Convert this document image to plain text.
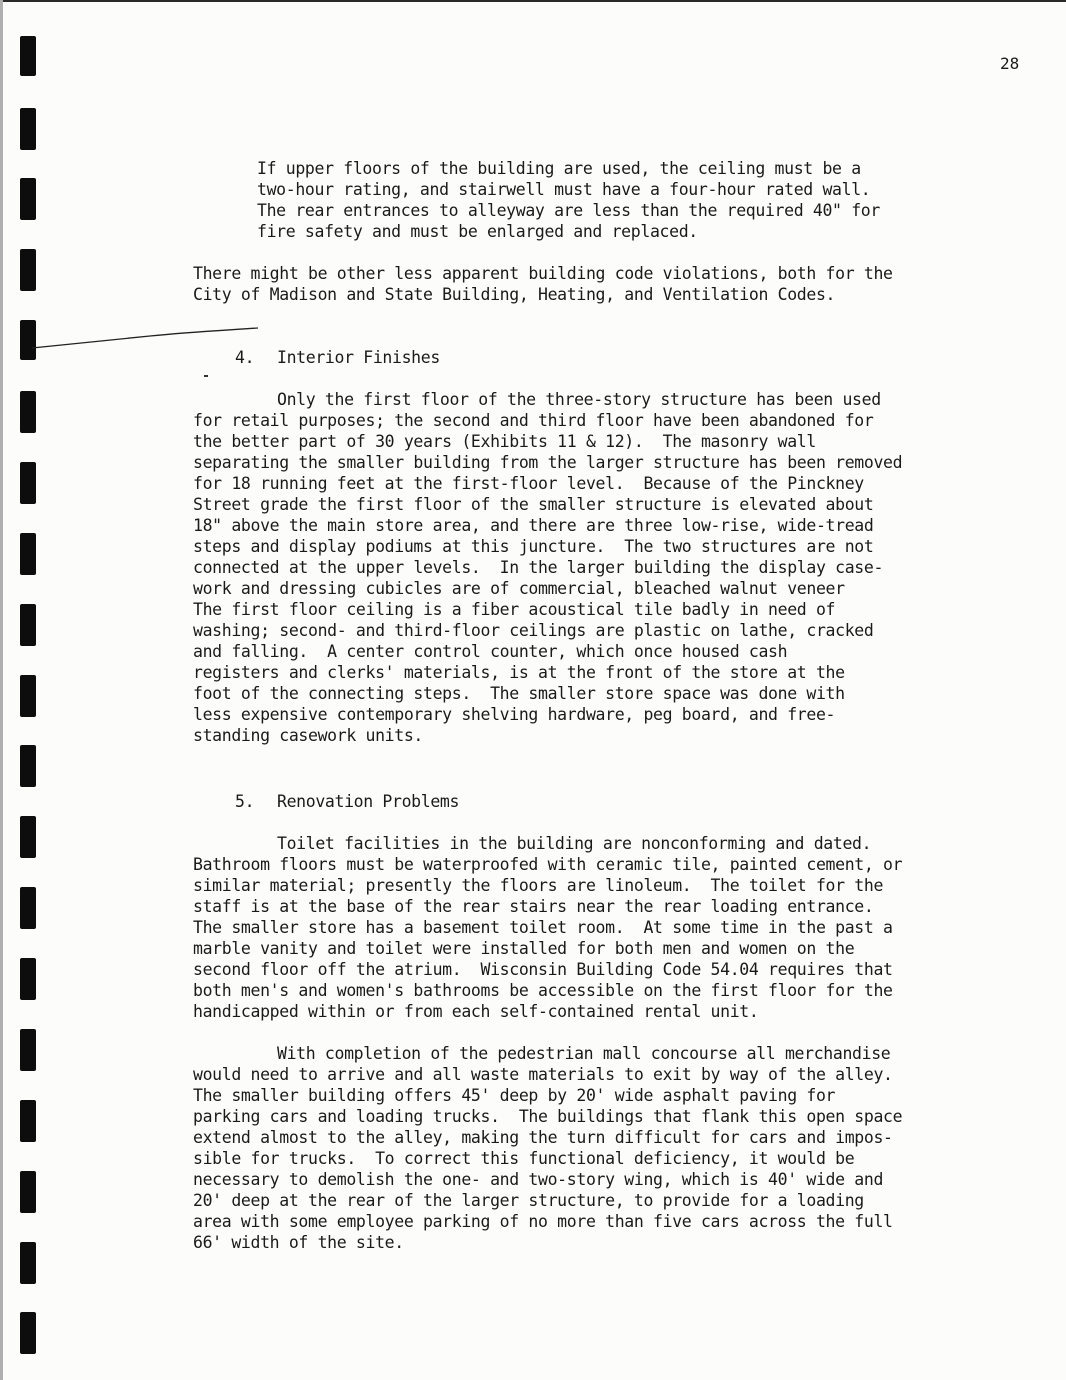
28
If upper floors of the building are used, the ceiling must be a
two-hour rating, and stairwell must have a four-hour rated wall.
The rear entrances to alleyway are less than the required 40" for
fire safety and must be enlarged and replaced.
There might be other less apparent building code violations, both for the
City of Madison and State Building, Heating, and Ventilation Codes.
4. Interior Finishes
Only the first floor of the three-story structure has been used
for retail purposes; the second and third floor have been abandoned for
the better part of 30 years (Exhibits 11 & 12).  The masonry wall
separating the smaller building from the larger structure has been removed
for 18 running feet at the first-floor level.  Because of the Pinckney
Street grade the first floor of the smaller structure is elevated about
18" above the main store area, and there are three low-rise, wide-tread
steps and display podiums at this juncture.  The two structures are not
connected at the upper levels.  In the larger building the display case-
work and dressing cubicles are of commercial, bleached walnut veneer
The first floor ceiling is a fiber acoustical tile badly in need of
washing; second- and third-floor ceilings are plastic on lathe, cracked
and falling.  A center control counter, which once housed cash
registers and clerks' materials, is at the front of the store at the
foot of the connecting steps.  The smaller store space was done with
less expensive contemporary shelving hardware, peg board, and free-
standing casework units.
5. Renovation Problems
Toilet facilities in the building are nonconforming and dated.
Bathroom floors must be waterproofed with ceramic tile, painted cement, or
similar material; presently the floors are linoleum.  The toilet for the
staff is at the base of the rear stairs near the rear loading entrance.
The smaller store has a basement toilet room.  At some time in the past a
marble vanity and toilet were installed for both men and women on the
second floor off the atrium.  Wisconsin Building Code 54.04 requires that
both men's and women's bathrooms be accessible on the first floor for the
handicapped within or from each self-contained rental unit.
With completion of the pedestrian mall concourse all merchandise
would need to arrive and all waste materials to exit by way of the alley.
The smaller building offers 45' deep by 20' wide asphalt paving for
parking cars and loading trucks.  The buildings that flank this open space
extend almost to the alley, making the turn difficult for cars and impos-
sible for trucks.  To correct this functional deficiency, it would be
necessary to demolish the one- and two-story wing, which is 40' wide and
20' deep at the rear of the larger structure, to provide for a loading
area with some employee parking of no more than five cars across the full
66' width of the site.
